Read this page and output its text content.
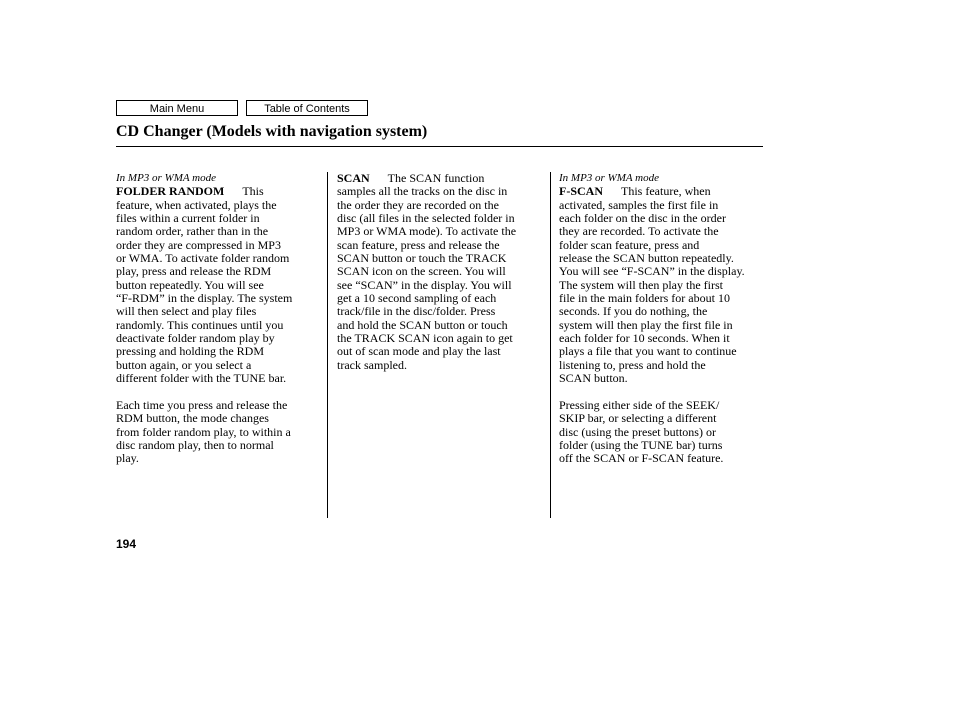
Main Menu	Table of Contents
CD Changer (Models with navigation system)
In MP3 or WMA mode
FOLDER RANDOM This
feature, when activated, plays the
files within a current folder in
random order, rather than in the
order they are compressed in MP3
or WMA. To activate folder random
play, press and release the RDM
button repeatedly. You will see
“F-RDM” in the display. The system
will then select and play files
randomly. This continues until you
deactivate folder random play by
pressing and holding the RDM
button again, or you select a
different folder with the TUNE bar.
Each time you press and release the
RDM button, the mode changes
from folder random play, to within a
disc random play, then to normal
play.
SCAN The SCAN function
samples all the tracks on the disc in
the order they are recorded on the
disc (all files in the selected folder in
MP3 or WMA mode). To activate the
scan feature, press and release the
SCAN button or touch the TRACK
SCAN icon on the screen. You will
see “SCAN” in the display. You will
get a 10 second sampling of each
track/file in the disc/folder. Press
and hold the SCAN button or touch
the TRACK SCAN icon again to get
out of scan mode and play the last
track sampled.
In MP3 or WMA mode
F-SCAN This feature, when
activated, samples the first file in
each folder on the disc in the order
they are recorded. To activate the
folder scan feature, press and
release the SCAN button repeatedly.
You will see “F-SCAN” in the display.
The system will then play the first
file in the main folders for about 10
seconds. If you do nothing, the
system will then play the first file in
each folder for 10 seconds. When it
plays a file that you want to continue
listening to, press and hold the
SCAN button.
Pressing either side of the SEEK/
SKIP bar, or selecting a different
disc (using the preset buttons) or
folder (using the TUNE bar) turns
off the SCAN or F-SCAN feature.
194
